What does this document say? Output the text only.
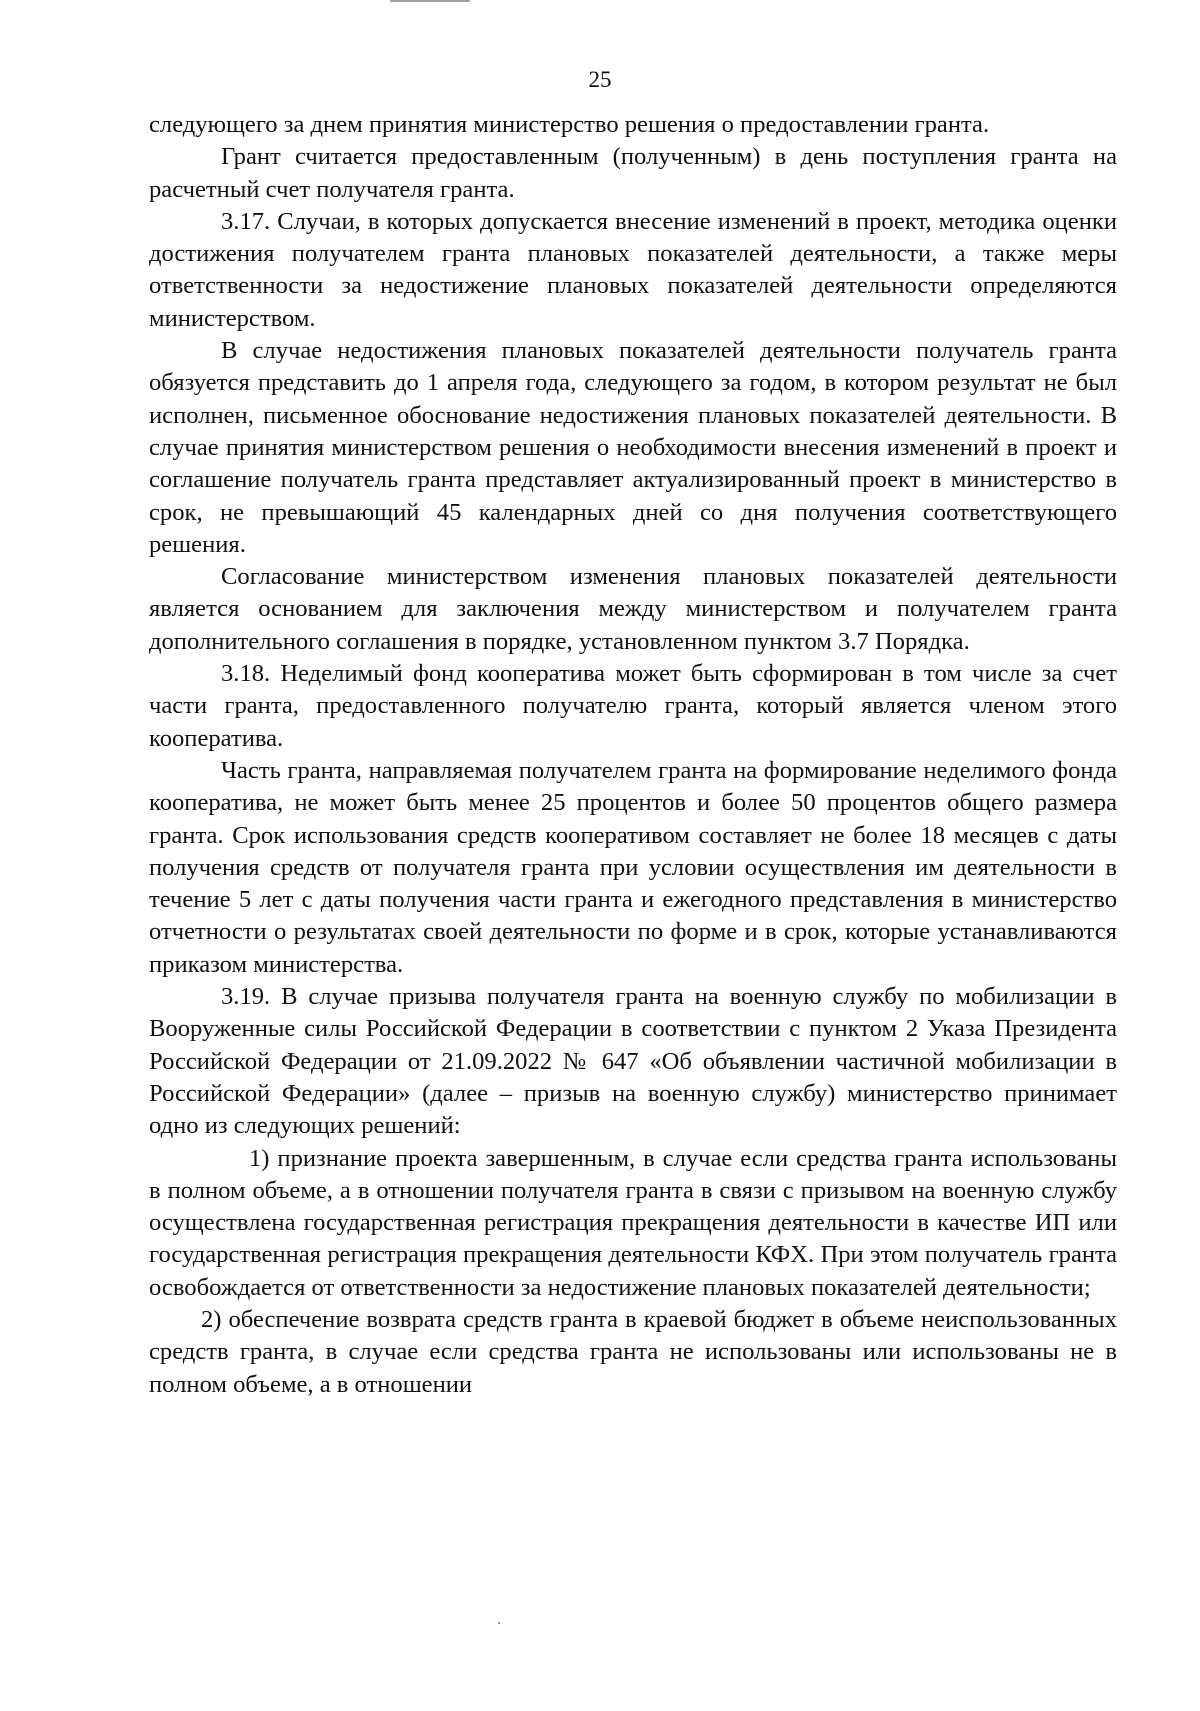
25

следующего за днем принятия министерство решения о предоставлении гранта.

Грант считается предоставленным (полученным) в день поступления гранта на расчетный счет получателя гранта.

3.17. Случаи, в которых допускается внесение изменений в проект, методика оценки достижения получателем гранта плановых показателей деятельности, а также меры ответственности за недостижение плановых показателей деятельности определяются министерством.

В случае недостижения плановых показателей деятельности получатель гранта обязуется представить до 1 апреля года, следующего за годом, в котором результат не был исполнен, письменное обоснование недостижения плановых показателей деятельности. В случае принятия министерством решения о необходимости внесения изменений в проект и соглашение получатель гранта представляет актуализированный проект в министерство в срок, не превышающий 45 календарных дней со дня получения соответствующего решения.

Согласование министерством изменения плановых показателей деятельности является основанием для заключения между министерством и получателем гранта дополнительного соглашения в порядке, установленном пунктом 3.7 Порядка.

3.18. Неделимый фонд кооператива может быть сформирован в том числе за счет части гранта, предоставленного получателю гранта, который является членом этого кооператива.

Часть гранта, направляемая получателем гранта на формирование неделимого фонда кооператива, не может быть менее 25 процентов и более 50 процентов общего размера гранта. Срок использования средств кооперативом составляет не более 18 месяцев с даты получения средств от получателя гранта при условии осуществления им деятельности в течение 5 лет с даты получения части гранта и ежегодного представления в министерство отчетности о результатах своей деятельности по форме и в срок, которые устанавливаются приказом министерства.

3.19. В случае призыва получателя гранта на военную службу по мобилизации в Вооруженные силы Российской Федерации в соответствии с пунктом 2 Указа Президента Российской Федерации от 21.09.2022 № 647 «Об объявлении частичной мобилизации в Российской Федерации» (далее – призыв на военную службу) министерство принимает одно из следующих решений:

1) признание проекта завершенным, в случае если средства гранта использованы в полном объеме, а в отношении получателя гранта в связи с призывом на военную службу осуществлена государственная регистрация прекращения деятельности в качестве ИП или государственная регистрация прекращения деятельности КФХ. При этом получатель гранта освобождается от ответственности за недостижение плановых показателей деятельности;

2) обеспечение возврата средств гранта в краевой бюджет в объеме неиспользованных средств гранта, в случае если средства гранта не использованы или использованы не в полном объеме, а в отношении
